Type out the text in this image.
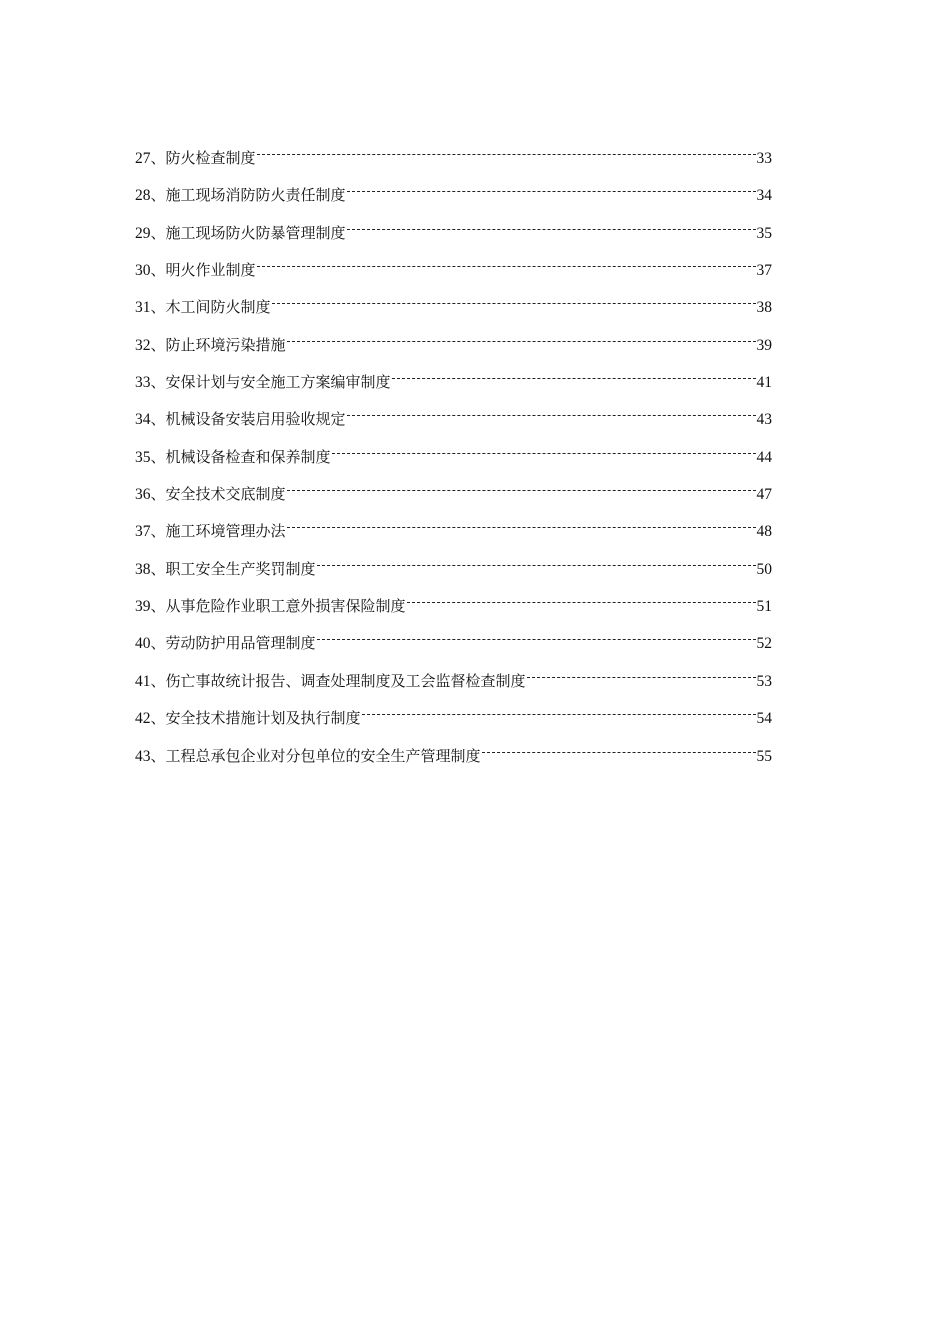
27 、 防火检查制度	33
28 、 施工现场消防防火责任制度	34
29 、 施工现场防火防暴管理制度	35
30 、 明火作业制度	37
31 、 木工间防火制度	38
32 、 防止环境污染措施	39
33 、 安保计划与安全施工方案编审制度	41
34 、 机械设备安装启用验收规定	43
35 、 机械设备检查和保养制度	44
36 、 安全技术交底制度	47
37 、 施工环境管理办法	48
38 、 职工安全生产奖罚制度	50
39 、 从事危险作业职工意外损害保险制度	51
40 、 劳动防护用品管理制度	52
41 、 伤亡事故统计报告、调查处理制度及工会监督检查制度	53
42 、 安全技术措施计划及执行制度	54
43 、 工程总承包企业对分包单位的安全生产管理制度	55
